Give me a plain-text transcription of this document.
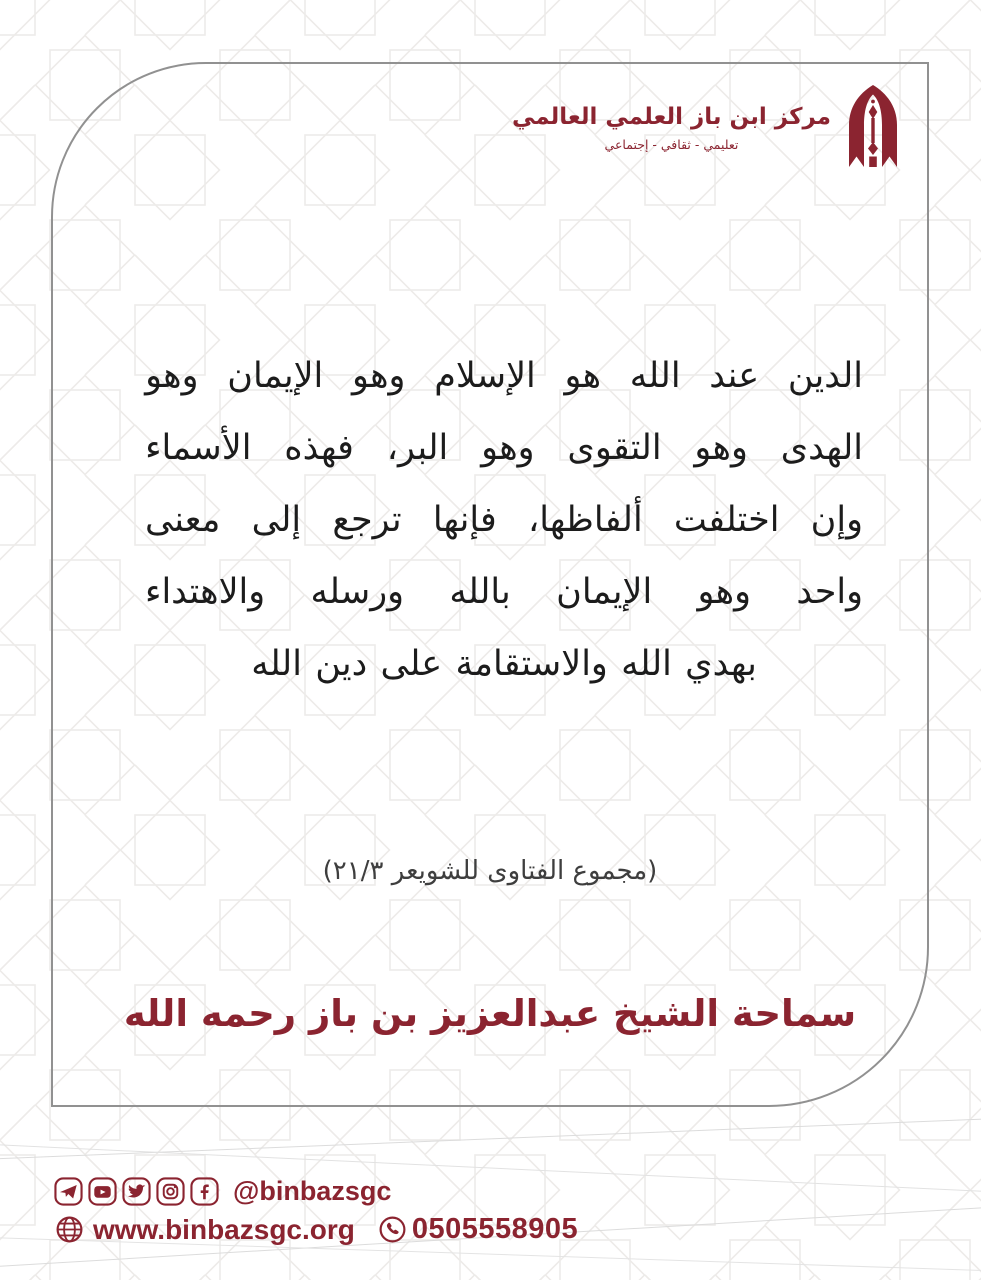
مركز ابن باز العلمي العالمي
تعليمي - ثقافي - إجتماعي
الدين
عند
الله
هو
الإسلام
وهو
الإيمان
وهو
الهدى
وهو
التقوى
وهو
البر،
فهذه
الأسماء
وإن
اختلفت
ألفاظها،
فإنها
ترجع
إلى
معنى
واحد
وهو
الإيمان
بالله
ورسله
والاهتداء
بهدي
الله
والاستقامة
على
دين
الله
(مجموع الفتاوى للشويعر ٢١/٣)
سماحة الشيخ عبدالعزيز بن باز رحمه الله
@binbazsgc
www.binbazsgc.org 0505558905
